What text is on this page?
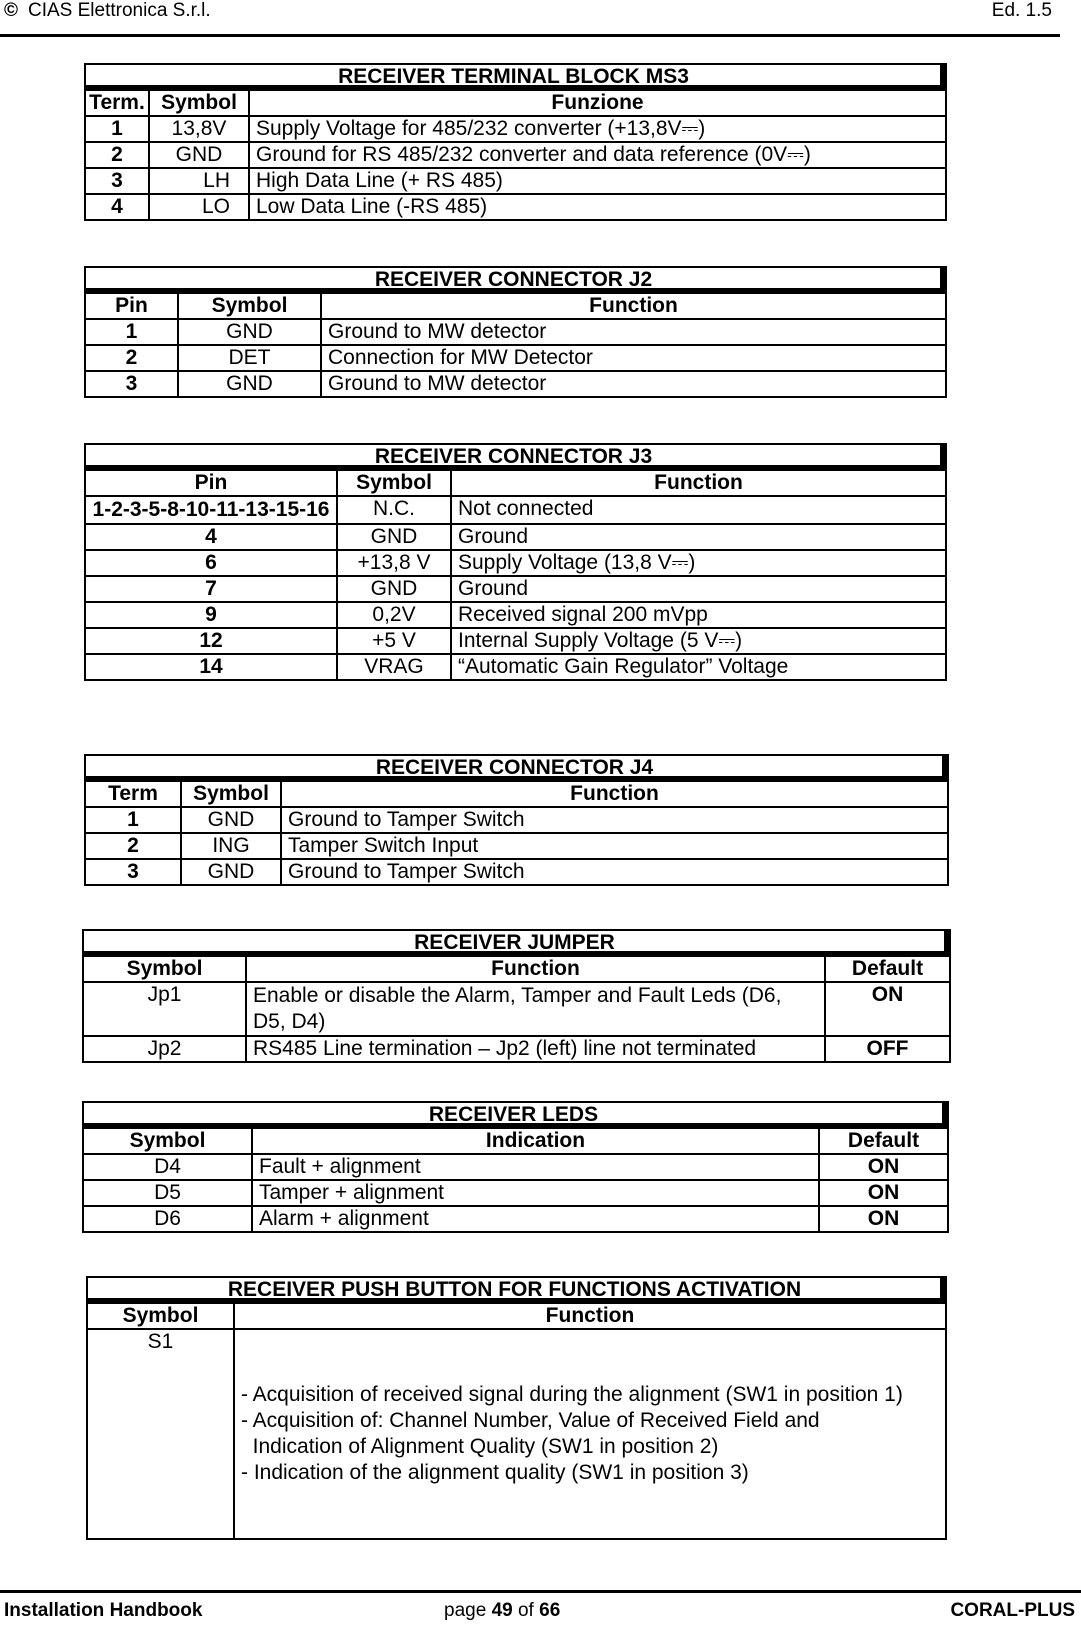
© CIAS Elettronica S.r.l.	Ed. 1.5
RECEIVER TERMINAL BLOCK MS3		
Term.	Symbol	Funzione
1	13,8V	Supply Voltage for 485/232 converter (+13,8V⎓)
2	GND	Ground for RS 485/232 converter and data reference (0V⎓)
3	LH	High Data Line (+ RS 485)
4	LO	Low Data Line (-RS 485)
RECEIVER CONNECTOR J2		
Pin	Symbol	Function
1	GND	Ground to MW detector
2	DET	Connection for MW Detector
3	GND	Ground to MW detector
RECEIVER CONNECTOR J3		
Pin	Symbol	Function
1-2-3-5-8-10-11-13-15-16	N.C.	Not connected
4	GND	Ground
6	+13,8 V	Supply Voltage (13,8 V⎓)
7	GND	Ground
9	0,2V	Received signal 200 mVpp
12	+5 V	Internal Supply Voltage (5 V⎓)
14	VRAG	“Automatic Gain Regulator” Voltage
RECEIVER CONNECTOR J4		
Term	Symbol	Function
1	GND	Ground to Tamper Switch
2	ING	Tamper Switch Input
3	GND	Ground to Tamper Switch
RECEIVER JUMPER		
Symbol	Function	Default
Jp1	Enable or disable the Alarm, Tamper and Fault Leds (D6, D5, D4)	ON
Jp2	RS485 Line termination – Jp2 (left) line not terminated	OFF
RECEIVER LEDS		
Symbol	Indication	Default
D4	Fault + alignment	ON
D5	Tamper + alignment	ON
D6	Alarm + alignment	ON
RECEIVER PUSH BUTTON FOR FUNCTIONS ACTIVATION	
Symbol	Function
S1	- Acquisition of received signal during the alignment (SW1 in position 1)
- Acquisition of: Channel Number, Value of Received Field and
Indication of Alignment Quality (SW1 in position 2)
- Indication of the alignment quality (SW1 in position 3)

Installation Handbook	page 49 of 66	CORAL-PLUS
